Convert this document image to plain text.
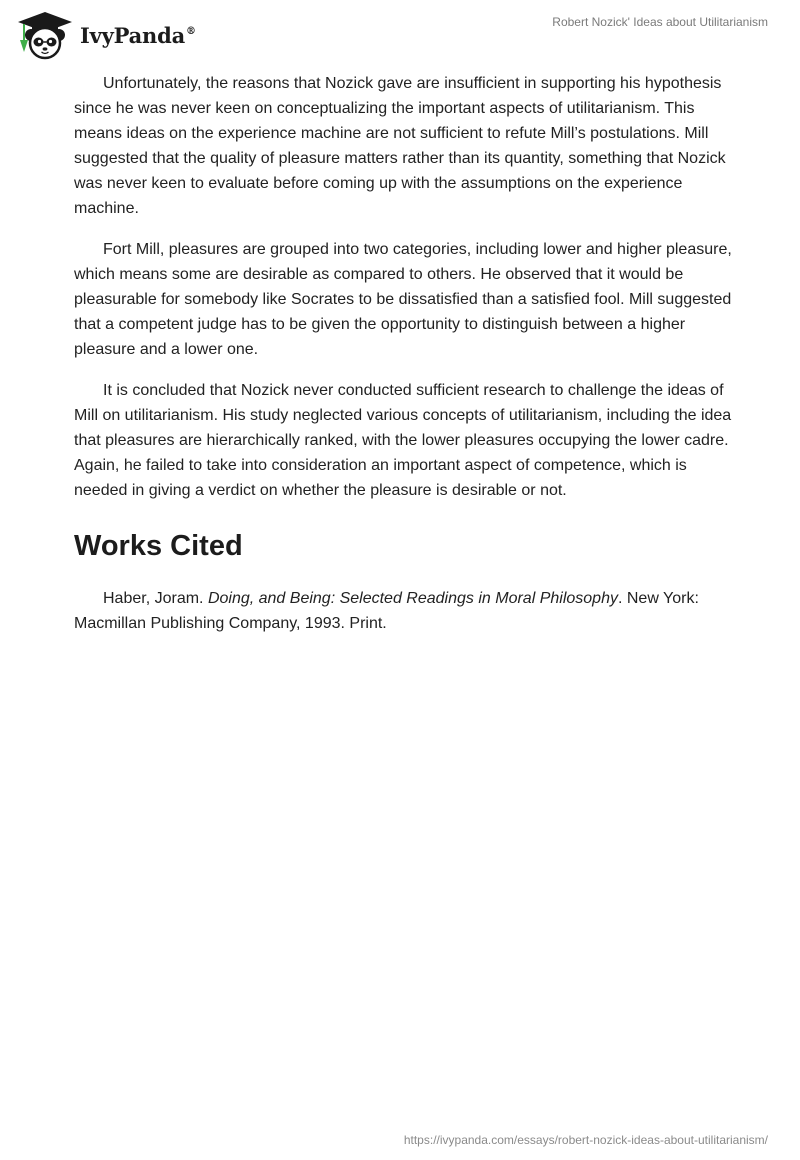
IvyPanda®
Robert Nozick' Ideas about Utilitarianism

Unfortunately, the reasons that Nozick gave are insufficient in supporting his hypothesis since he was never keen on conceptualizing the important aspects of utilitarianism. This means ideas on the experience machine are not sufficient to refute Mill’s postulations. Mill suggested that the quality of pleasure matters rather than its quantity, something that Nozick was never keen to evaluate before coming up with the assumptions on the experience machine.

Fort Mill, pleasures are grouped into two categories, including lower and higher pleasure, which means some are desirable as compared to others. He observed that it would be pleasurable for somebody like Socrates to be dissatisfied than a satisfied fool. Mill suggested that a competent judge has to be given the opportunity to distinguish between a higher pleasure and a lower one.

It is concluded that Nozick never conducted sufficient research to challenge the ideas of Mill on utilitarianism. His study neglected various concepts of utilitarianism, including the idea that pleasures are hierarchically ranked, with the lower pleasures occupying the lower cadre. Again, he failed to take into consideration an important aspect of competence, which is needed in giving a verdict on whether the pleasure is desirable or not.

Works Cited

Haber, Joram. Doing, and Being: Selected Readings in Moral Philosophy. New York: Macmillan Publishing Company, 1993. Print.

https://ivypanda.com/essays/robert-nozick-ideas-about-utilitarianism/
